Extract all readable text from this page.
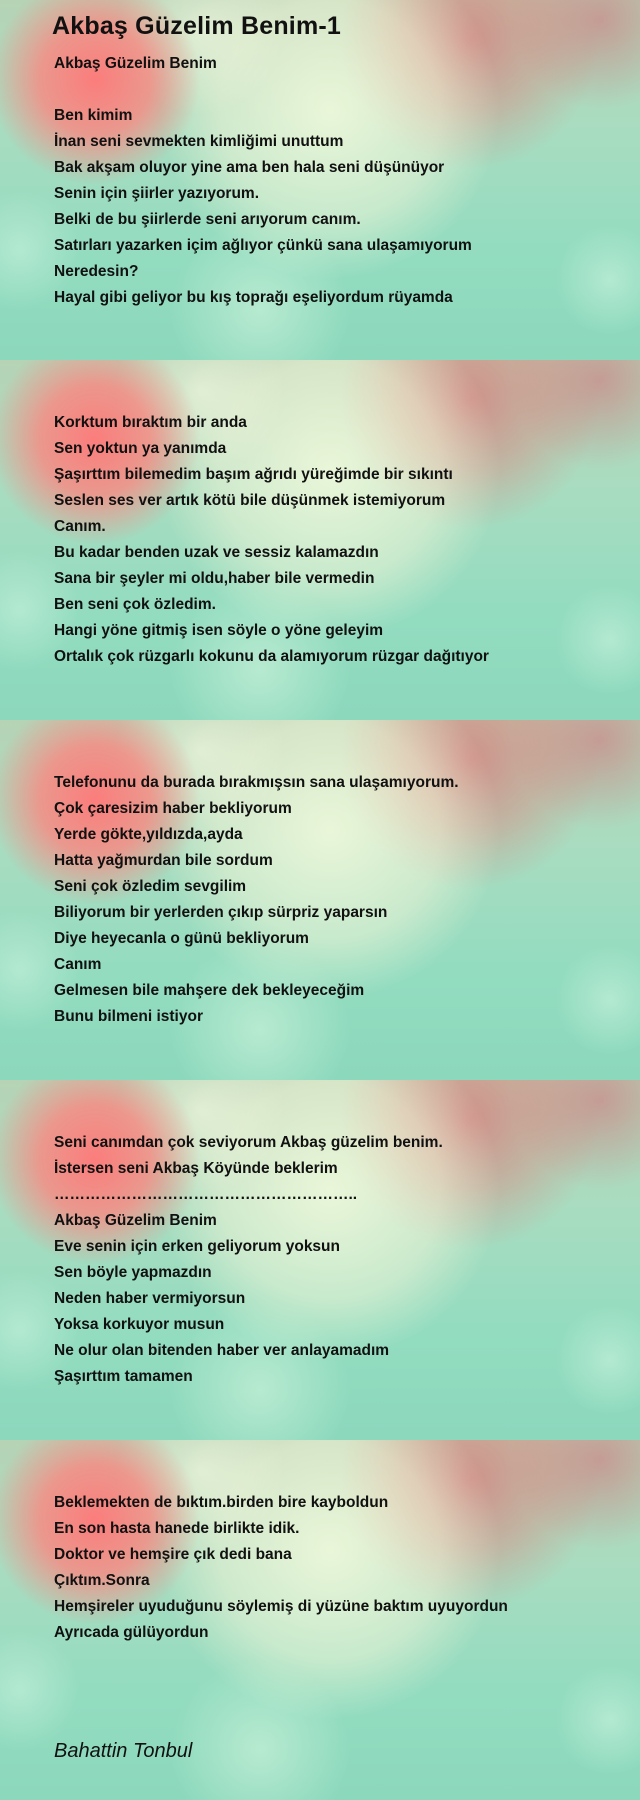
Akbaş Güzelim Benim-1
Akbaş Güzelim Benim
Ben kimim
İnan seni sevmekten kimliğimi unuttum
Bak akşam oluyor yine ama ben hala seni düşünüyor
Senin için şiirler yazıyorum.
Belki de bu şiirlerde seni arıyorum canım.
Satırları yazarken içim ağlıyor çünkü sana ulaşamıyorum
Neredesin?
Hayal gibi geliyor bu kış toprağı eşeliyordum rüyamda
Korktum bıraktım bir anda
Sen yoktun ya yanımda
Şaşırttım bilemedim başım ağrıdı yüreğimde bir sıkıntı
Seslen ses ver artık kötü bile düşünmek istemiyorum
Canım.
Bu kadar benden uzak ve sessiz kalamazdın
Sana bir şeyler mi oldu,haber bile vermedin
Ben seni çok özledim.
Hangi yöne gitmiş isen söyle o yöne geleyim
Ortalık çok rüzgarlı kokunu da alamıyorum rüzgar dağıtıyor
Telefonunu da burada bırakmışsın sana ulaşamıyorum.
Çok çaresizim haber bekliyorum
Yerde gökte,yıldızda,ayda
Hatta yağmurdan bile sordum
Seni çok özledim sevgilim
Biliyorum bir yerlerden çıkıp sürpriz yaparsın
Diye heyecanla o günü bekliyorum
Canım
Gelmesen bile mahşere dek bekleyeceğim
Bunu bilmeni istiyor
Seni canımdan çok seviyorum Akbaş güzelim benim.
İstersen seni Akbaş Köyünde beklerim
…………………………………………………..
Akbaş Güzelim Benim
Eve senin için erken geliyorum yoksun
Sen böyle yapmazdın
Neden haber vermiyorsun
Yoksa korkuyor musun
Ne olur olan bitenden haber ver anlayamadım
Şaşırttım tamamen
Beklemekten de bıktım.birden bire kayboldun
En son hasta hanede birlikte idik.
Doktor ve hemşire çık dedi bana
Çıktım.Sonra
Hemşireler uyuduğunu söylemiş di yüzüne baktım uyuyordun
Ayrıcada gülüyordun
Bahattin Tonbul
